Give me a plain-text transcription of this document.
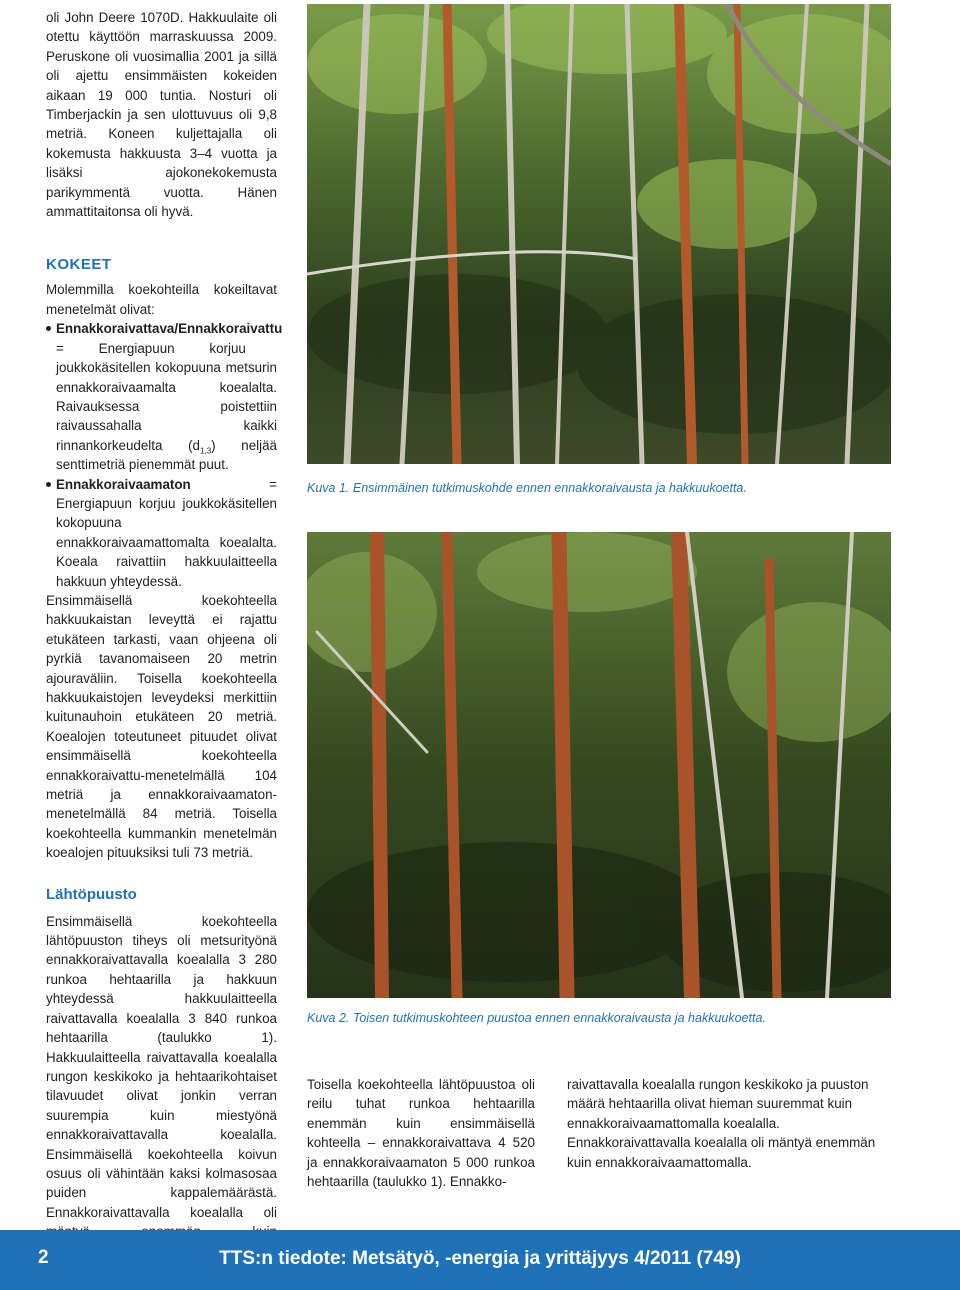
oli John Deere 1070D. Hakkuulaite oli otettu käyttöön marraskuussa 2009. Peruskone oli vuosimallia 2001 ja sillä oli ajettu ensimmäisten kokeiden aikaan 19 000 tuntia. Nosturi oli Timberjackin ja sen ulottuvuus oli 9,8 metriä. Koneen kuljettajalla oli kokemusta hakkuusta 3–4 vuotta ja lisäksi ajokonekokemusta parikymmentä vuotta. Hänen ammattitaitonsa oli hyvä.

KOKEET

Molemmilla koekohteilla kokeiltavat menetelmät olivat:

Ennakkoraivattava/Ennakkoraivattu = Energiapuun korjuu joukkokäsitellen kokopuuna metsurin ennakkoraivaamalta koealalta. Raivauksessa poistettiin raivaussahalla kaikki rinnankorkeudelta $(d_{1,3})$ neljää senttimetriä pienemmät puut.
Ennakkoraivaamaton = Energiapuun korjuu joukkokäsitellen kokopuuna ennakkoraivaamattomalta koealalta. Koeala raivattiin hakkuulaitteella hakkuun yhteydessä.

Ensimmäisellä koekohteella hakkuukaistan leveyttä ei rajattu etukäteen tarkasti, vaan ohjeena oli pyrkiä tavanomaiseen 20 metrin ajouraväliin. Toisella koekohteella hakkuukaistojen leveydeksi merkittiin kuitunauhoin etukäteen 20 metriä. Koealojen toteutuneet pituudet olivat ensimmäisellä koekohteella ennakkoraivattu-menetelmällä 104 metriä ja ennakkoraivaamaton-menetelmällä 84 metriä. Toisella koekohteella kummankin menetelmän koealojen pituuksiksi tuli 73 metriä.

Lähtöpuusto

Ensimmäisellä koekohteella lähtöpuuston tiheys oli metsurityönä ennakkoraivattavalla koealalla 3 280 runkoa hehtaarilla ja hakkuun yhteydessä hakkuulaitteella raivattavalla koealalla 3 840 runkoa hehtaarilla (taulukko 1). Hakkuulaitteella raivattavalla koealalla rungon keskikoko ja hehtaarikohtaiset tilavuudet olivat jonkin verran suurempia kuin miestyönä ennakkoraivattavalla koealalla. Ensimmäisellä koekohteella koivun osuus oli vähintään kaksi kolmasosaa puiden kappalemäärästä. Ennakkoraivattavalla koealalla oli

Kuva 1. Ensimmäinen tutkimuskohde ennen ennakkoraivausta ja hakkuukoetta.
Kuva 2. Toisen tutkimuskohteen puustoa ennen ennakkoraivausta ja hakkuukoetta.

Toisella koekohteella lähtöpuustoa oli reilu tuhat runkoa hehtaarilla enemmän kuin ensimmäisellä kohteella – ennakkoraivattava 4 520 ja ennakkoraivaamaton 5 000 runkoa hehtaarilla (taulukko 1). Ennakko-

raivattavalla koealalla rungon keskikoko ja puuston määrä hehtaarilla olivat hieman suuremmat kuin ennakkoraivaamattomalla koealalla. Ennakkoraivattavalla koealalla oli mäntyä enemmän kuin ennakkoraivaamattomalla.

2	TTS:n tiedote: Metsätyö, -energia ja yrittäjyys 4/2011 (749)
